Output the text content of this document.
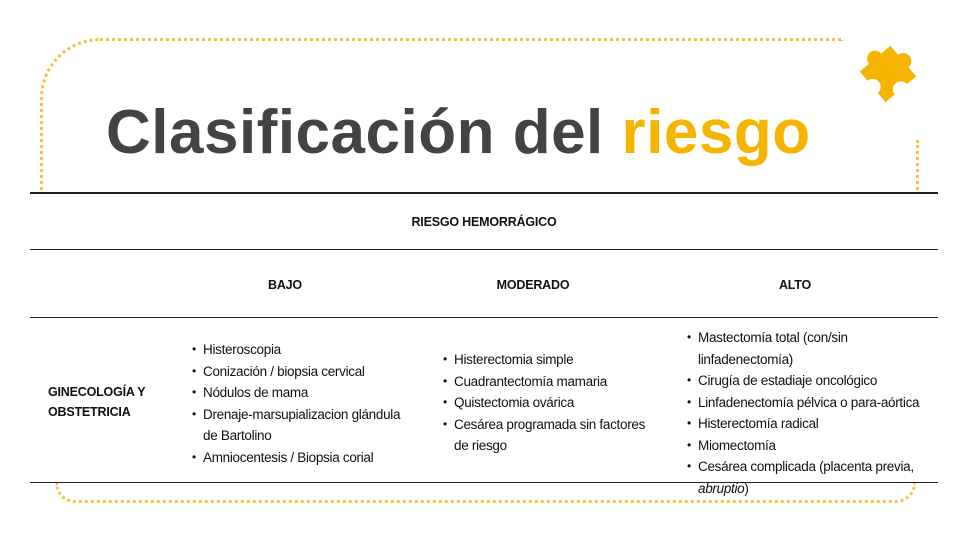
Clasificación del riesgo
RIESGO HEMORRÁGICO
BAJO	MODERADO	ALTO
GINECOLOGÍA Y OBSTETRICIA
• Histeroscopia
• Conización / biopsia cervical
• Nódulos de mama
• Drenaje-marsupializacion glándula de Bartolino
• Amniocentesis / Biopsia corial
• Histerectomia simple
• Cuadrantectomía mamaria
• Quistectomia ovárica
• Cesárea programada sin factores de riesgo
• Mastectomía total (con/sin linfadenectomía)
• Cirugía de estadiaje oncológico
• Linfadenectomía pélvica o para-aórtica
• Histerectomía radical
• Miomectomía
• Cesárea complicada (placenta previa, abruptio)
